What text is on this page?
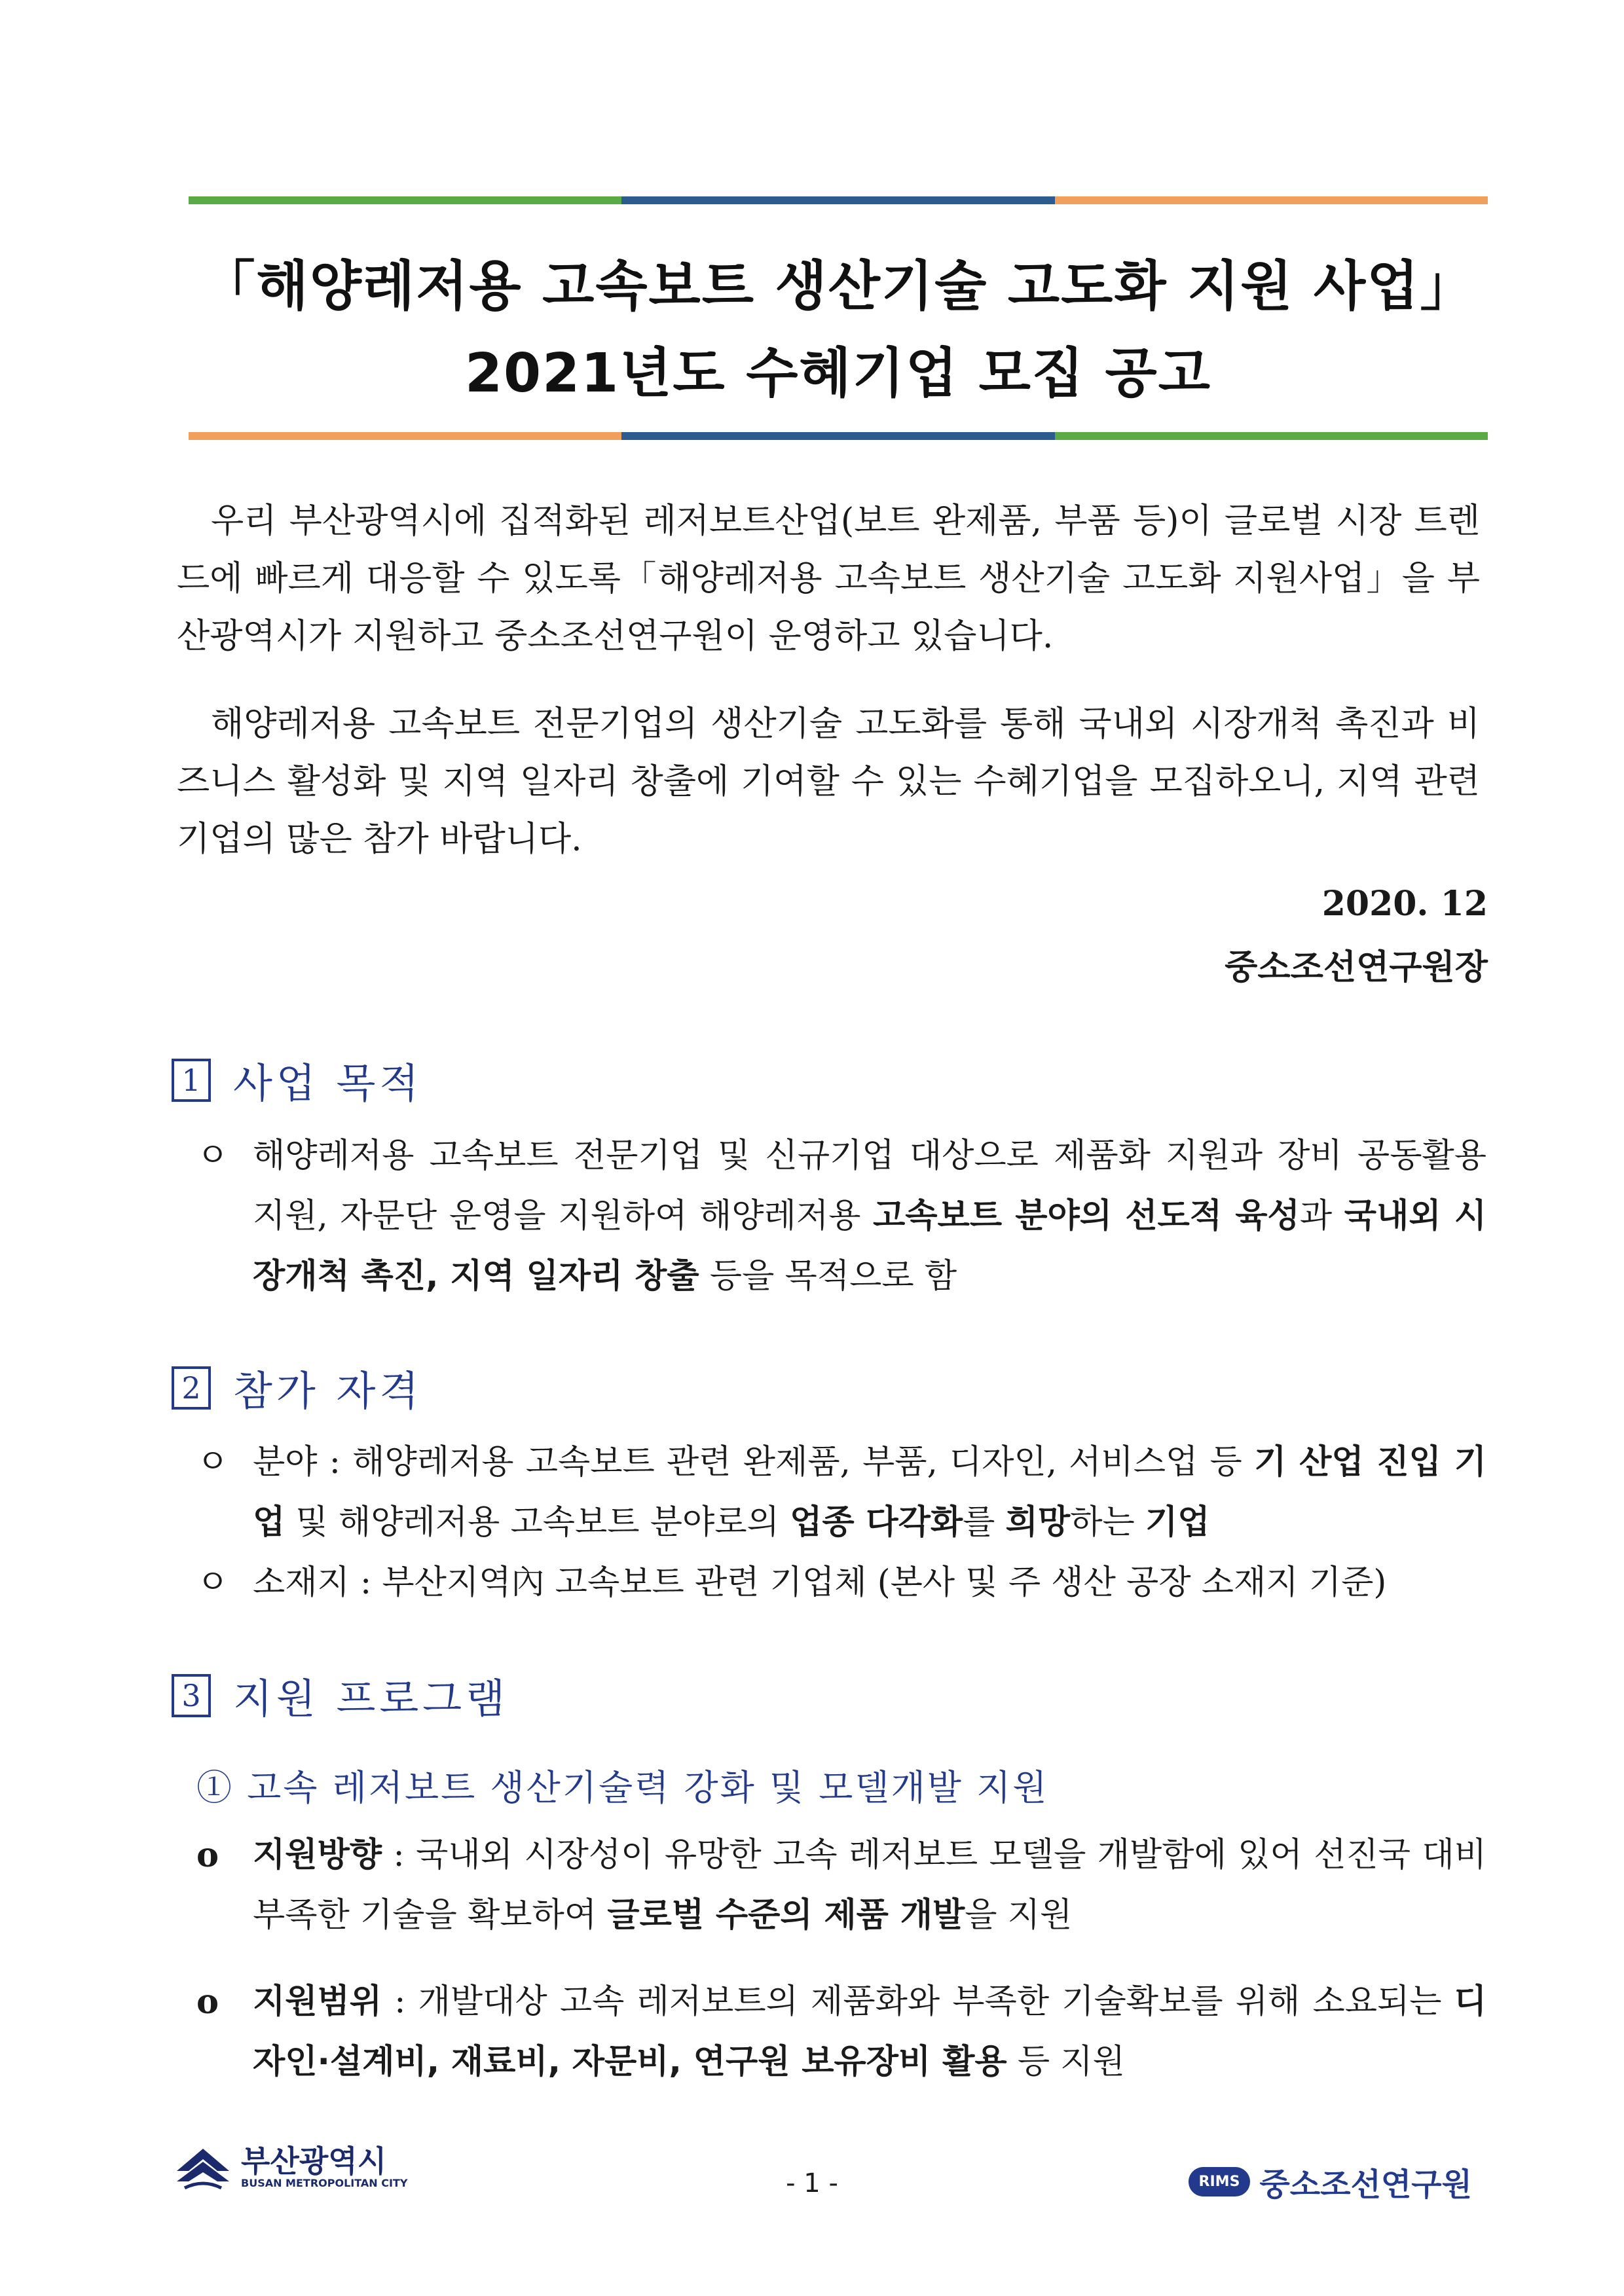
「해양레저용 고속보트 생산기술 고도화 지원 사업」
2021년도 수혜기업 모집 공고
우리 부산광역시에 집적화된 레저보트산업(보트 완제품, 부품 등)이 글로벌 시장 트렌드에 빠르게 대응할 수 있도록「해양레저용 고속보트 생산기술 고도화 지원사업」을 부산광역시가 지원하고 중소조선연구원이 운영하고 있습니다.
해양레저용 고속보트 전문기업의 생산기술 고도화를 통해 국내외 시장개척 촉진과 비즈니스 활성화 및 지역 일자리 창출에 기여할 수 있는 수혜기업을 모집하오니, 지역 관련기업의 많은 참가 바랍니다.
2020. 12
중소조선연구원장
1 사업 목적
ㅇ 해양레저용 고속보트 전문기업 및 신규기업 대상으로 제품화 지원과 장비 공동활용 지원, 자문단 운영을 지원하여 해양레저용 고속보트 분야의 선도적 육성과 국내외 시장개척 촉진, 지역 일자리 창출 등을 목적으로 함
2 참가 자격
ㅇ 분야 : 해양레저용 고속보트 관련 완제품, 부품, 디자인, 서비스업 등 기 산업 진입 기업 및 해양레저용 고속보트 분야로의 업종 다각화를 희망하는 기업
ㅇ 소재지 : 부산지역內 고속보트 관련 기업체 (본사 및 주 생산 공장 소재지 기준)
3 지원 프로그램
① 고속 레저보트 생산기술력 강화 및 모델개발 지원
o	지원방향 : 국내외 시장성이 유망한 고속 레저보트 모델을 개발함에 있어 선진국 대비 부족한 기술을 확보하여 글로벌 수준의 제품 개발을 지원
o	지원범위 : 개발대상 고속 레저보트의 제품화와 부족한 기술확보를 위해 소요되는 디자인·설계비, 재료비, 자문비, 연구원 보유장비 활용 등 지원
부산광역시
BUSAN METROPOLITAN CITY	- 1 -	RIMS 중소조선연구원
